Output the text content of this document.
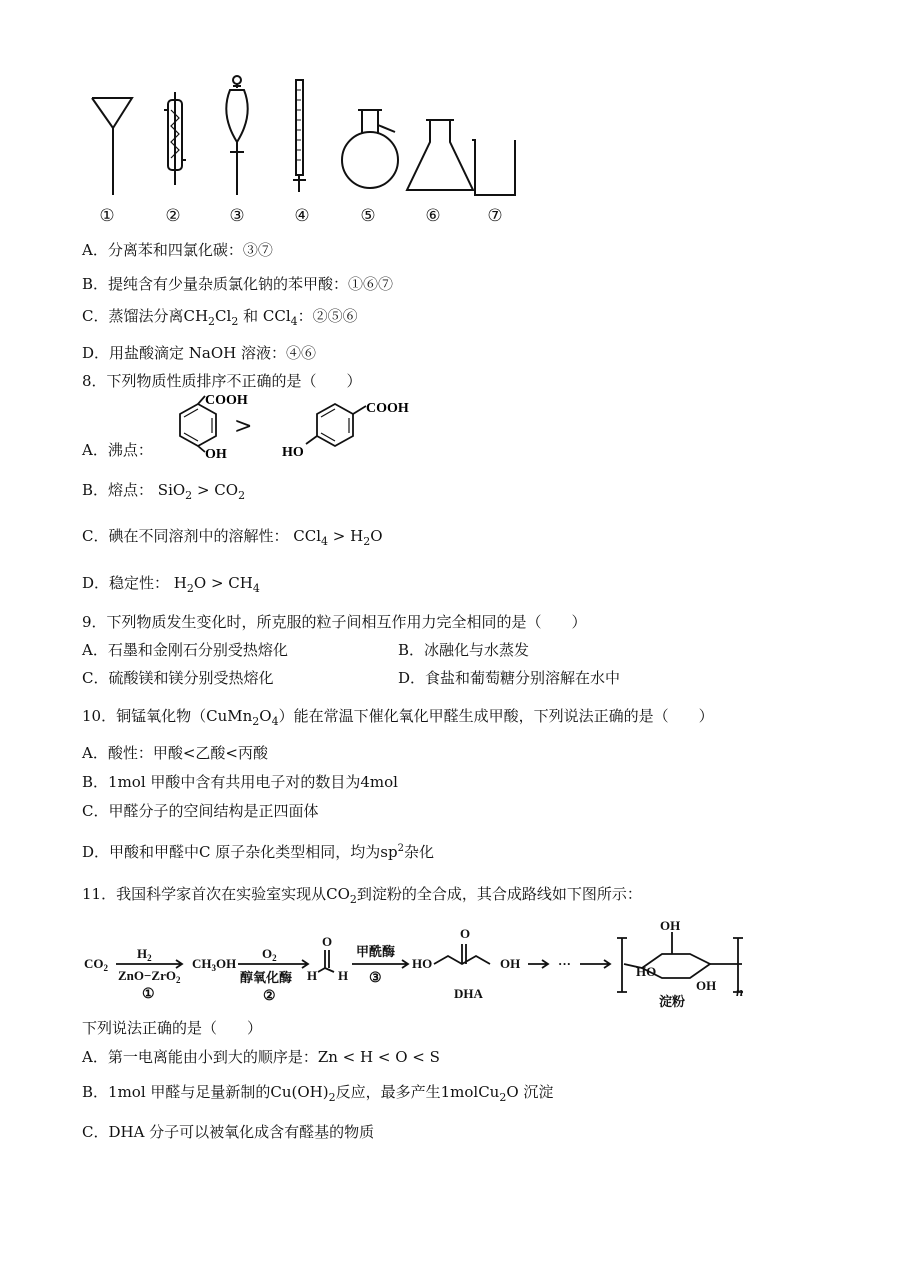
①	②	③	④	⑤	⑥	⑦
A．分离苯和四氯化碳：③⑦
B．提纯含有少量杂质氯化钠的苯甲酸：①⑥⑦
C．蒸馏法分离$CH_2Cl_2$ 和 CCl$_4$：②⑤⑥
D．用盐酸滴定 NaOH 溶液：④⑥
8．下列物质性质排序不正确的是（　　）
A．沸点：
COOH
OH
>
COOH
HO
B．熔点： $SiO_2 > CO_2$
C．碘在不同溶剂中的溶解性： $CCl_4 > H_2O$
D．稳定性： $H_2O > CH_4$
9．下列物质发生变化时，所克服的粒子间相互作用力完全相同的是（　　）
A．石墨和金刚石分别受热熔化	B．冰融化与水蒸发
C．硫酸镁和镁分别受热熔化	D．食盐和葡萄糖分别溶解在水中
10．铜锰氧化物$(CuMn_2O_4)$能在常温下催化氧化甲醛生成甲酸，下列说法正确的是（　　）
A．酸性：甲酸<乙酸<丙酸
B．1mol 甲酸中含有共用电子对的数目为4mol
C．甲醛分子的空间结构是正四面体
D．甲酸和甲醛中C 原子杂化类型相同，均为$sp^2$杂化
11．我国科学家首次在实验室实现从$CO_2$到淀粉的全合成，其合成路线如下图所示：
$CO_2$
$H_2$
ZnO−ZrO$_2$
①
$CH_3OH$
$O_2$
醇氧化酶
②
H H
O
甲酰酶
③
HO
O
OH
DHA
···
OH
HO
OH
淀粉
n
下列说法正确的是（　　）
A．第一电离能由小到大的顺序是：Zn < H < O < S
B．1mol 甲醛与足量新制的$Cu(OH)_2$反应，最多产生1molCu$_2$O 沉淀
C．DHA 分子可以被氧化成含有醛基的物质
